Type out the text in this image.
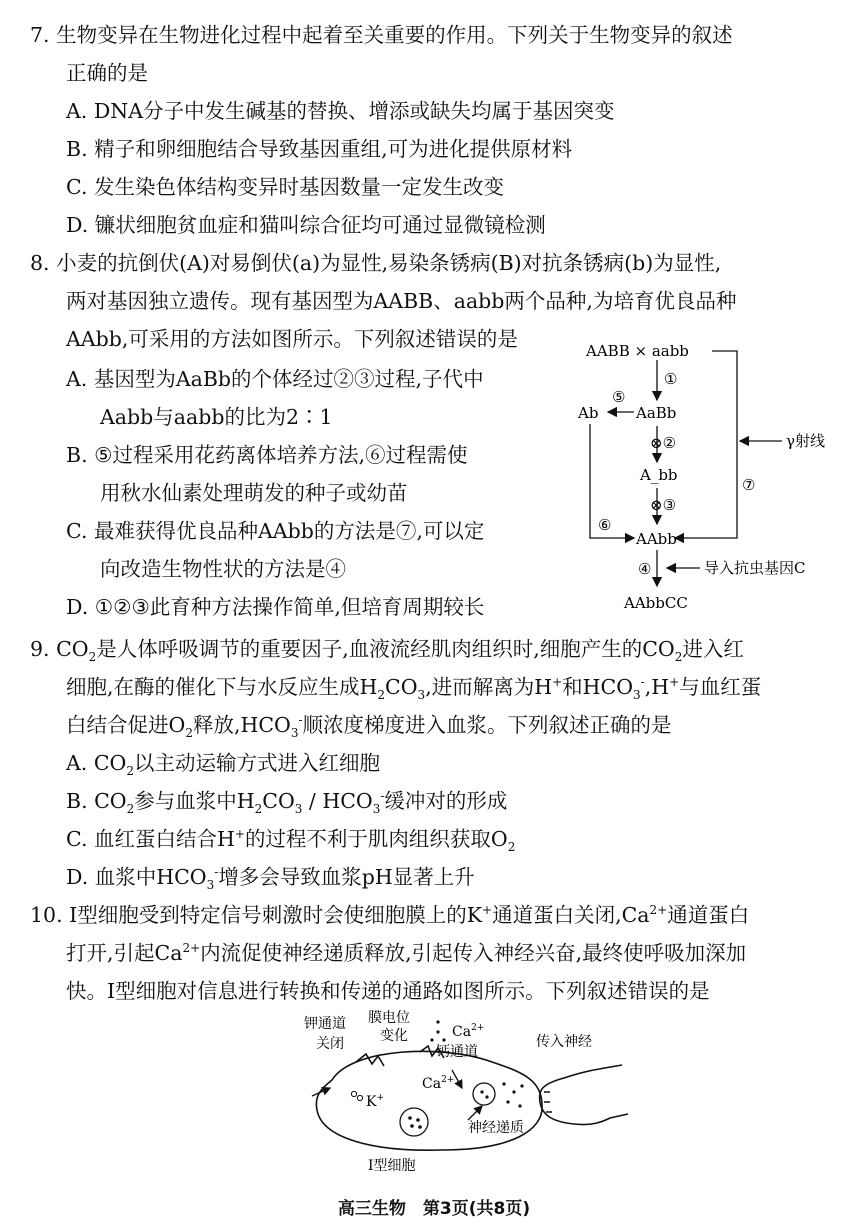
7. 生物变异在生物进化过程中起着至关重要的作用。下列关于生物变异的叙述
正确的是
A. DNA分子中发生碱基的替换、增添或缺失均属于基因突变
B. 精子和卵细胞结合导致基因重组,可为进化提供原材料
C. 发生染色体结构变异时基因数量一定发生改变
D. 镰状细胞贫血症和猫叫综合征均可通过显微镜检测
8. 小麦的抗倒伏(A)对易倒伏(a)为显性,易染条锈病(B)对抗条锈病(b)为显性,
两对基因独立遗传。现有基因型为AABB、aabb两个品种,为培育优良品种
AAbb,可采用的方法如图所示。下列叙述错误的是
A. 基因型为AaBb的个体经过②③过程,子代中
Aabb与aabb的比为2∶1
B. ⑤过程采用花药离体培养方法,⑥过程需使
用秋水仙素处理萌发的种子或幼苗
C. 最难获得优良品种AAbb的方法是⑦,可以定
向改造生物性状的方法是④
D. ①②③此育种方法操作简单,但培育周期较长
AABB × aabb
①
⑤
Ab	AaBb
⊗②	γ射线
A_bb
⑦
⊗③
⑥
AAbb
④	导入抗虫基因C
AAbbCC
9. $CO_2$是人体呼吸调节的重要因子,血液流经肌肉组织时,细胞产生的$CO_2$进入红
细胞,在酶的催化下与水反应生成$H_2CO_3$,进而解离为H+和$HCO_3^-,H^+$与血红蛋
白结合促进$O_2$释放$,HCO_3^-$顺浓度梯度进入血浆。下列叙述正确的是
A. $CO_2$以主动运输方式进入红细胞
B. $CO_2$参与血浆中$H_2CO_3 / HCO_3^-$缓冲对的形成
C. 血红蛋白结合H+的过程不利于肌肉组织获取$O_2$
D. 血浆中$HCO_3^-$增多会导致血浆pH显著上升
10. Ⅰ型细胞受到特定信号刺激时会使细胞膜上的K+通道蛋白关闭$,Ca^{2+}$通道蛋白
打开,引起$Ca^{2+}$内流促使神经递质释放,引起传入神经兴奋,最终使呼吸加深加
快。Ⅰ型细胞对信息进行转换和传递的通路如图所示。下列叙述错误的是
钾通道
关闭
膜电位
变化	$Ca^{2+}$
钙通道
传入神经
$Ca^{2+}$
K+
神经递质
Ⅰ型细胞
高三生物　第3页(共8页)
